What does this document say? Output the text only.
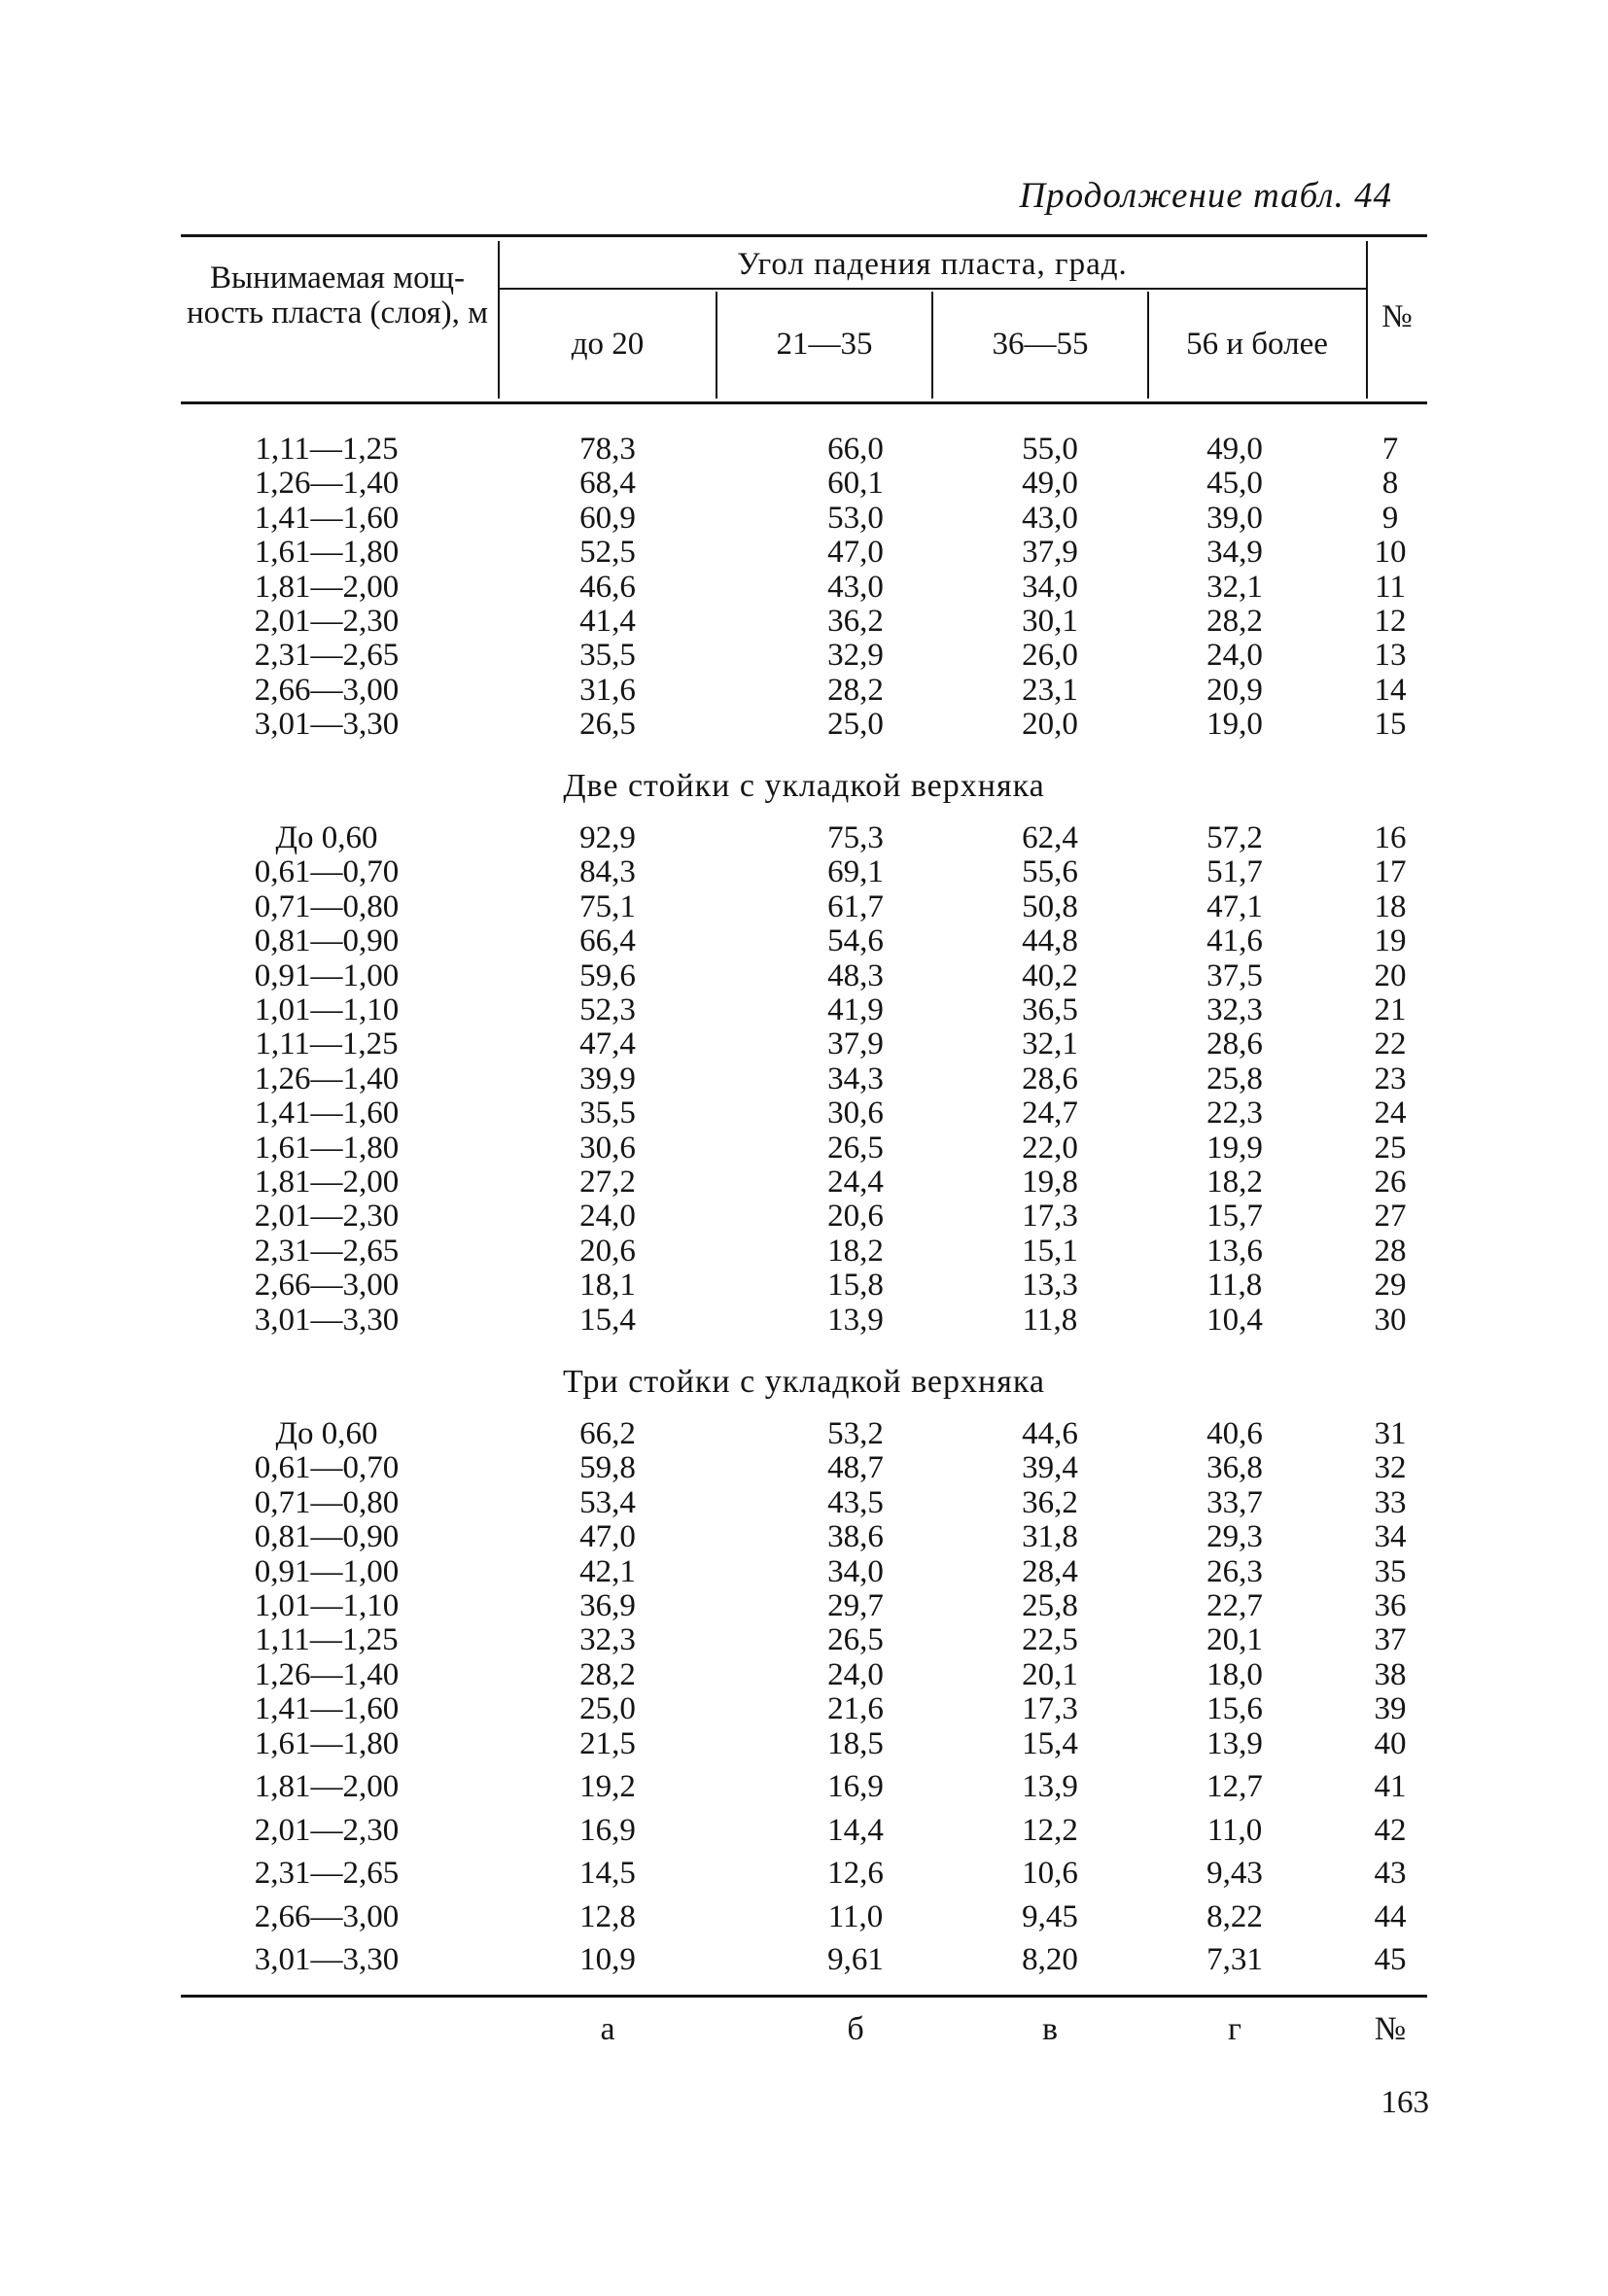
Продолжение табл. 44
Вынимаемая мощ- ность пласта (слоя), м
Угол падения пласта, град.
до 20	21—35	36—55	56 и более
№
1,11—1,25	78,3	66,0	55,0	49,0	7
1,26—1,40	68,4	60,1	49,0	45,0	8
1,41—1,60	60,9	53,0	43,0	39,0	9
1,61—1,80	52,5	47,0	37,9	34,9	10
1,81—2,00	46,6	43,0	34,0	32,1	11
2,01—2,30	41,4	36,2	30,1	28,2	12
2,31—2,65	35,5	32,9	26,0	24,0	13
2,66—3,00	31,6	28,2	23,1	20,9	14
3,01—3,30	26,5	25,0	20,0	19,0	15
Две стойки с укладкой верхняка
До 0,60	92,9	75,3	62,4	57,2	16
0,61—0,70	84,3	69,1	55,6	51,7	17
0,71—0,80	75,1	61,7	50,8	47,1	18
0,81—0,90	66,4	54,6	44,8	41,6	19
0,91—1,00	59,6	48,3	40,2	37,5	20
1,01—1,10	52,3	41,9	36,5	32,3	21
1,11—1,25	47,4	37,9	32,1	28,6	22
1,26—1,40	39,9	34,3	28,6	25,8	23
1,41—1,60	35,5	30,6	24,7	22,3	24
1,61—1,80	30,6	26,5	22,0	19,9	25
1,81—2,00	27,2	24,4	19,8	18,2	26
2,01—2,30	24,0	20,6	17,3	15,7	27
2,31—2,65	20,6	18,2	15,1	13,6	28
2,66—3,00	18,1	15,8	13,3	11,8	29
3,01—3,30	15,4	13,9	11,8	10,4	30
Три стойки с укладкой верхняка
До 0,60	66,2	53,2	44,6	40,6	31
0,61—0,70	59,8	48,7	39,4	36,8	32
0,71—0,80	53,4	43,5	36,2	33,7	33
0,81—0,90	47,0	38,6	31,8	29,3	34
0,91—1,00	42,1	34,0	28,4	26,3	35
1,01—1,10	36,9	29,7	25,8	22,7	36
1,11—1,25	32,3	26,5	22,5	20,1	37
1,26—1,40	28,2	24,0	20,1	18,0	38
1,41—1,60	25,0	21,6	17,3	15,6	39
1,61—1,80	21,5	18,5	15,4	13,9	40
1,81—2,00	19,2	16,9	13,9	12,7	41
2,01—2,30	16,9	14,4	12,2	11,0	42
2,31—2,65	14,5	12,6	10,6	9,43	43
2,66—3,00	12,8	11,0	9,45	8,22	44
3,01—3,30	10,9	9,61	8,20	7,31	45
а	б	в	г	№
163
